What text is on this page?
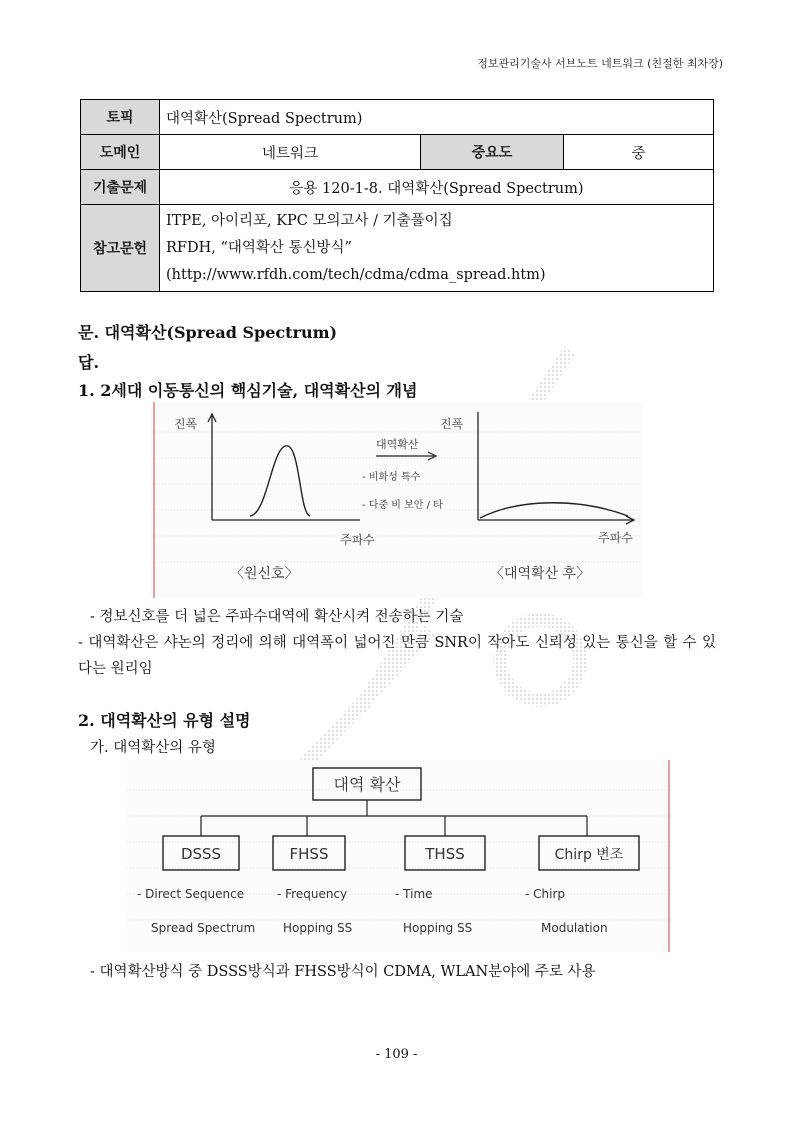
정보관리기술사 서브노트 네트워크 (친절한 최차장)
토픽	대역확산(Spread Spectrum)		
도메인	네트워크	중요도	중
기출문제	응용 120-1-8. 대역확산(Spread Spectrum)		
참고문헌	ITPE, 아이리포, KPC 모의고사 / 기출풀이집
RFDH, “대역확산 통신방식”
(http://www.rfdh.com/tech/cdma/cdma_spread.htm)		
문. 대역확산(Spread Spectrum)
답.
1. 2세대 이동통신의 핵심기술, 대역확산의 개념
진폭
주파수
진폭
주파수
대역확산
- 비화성 특수
- 다중 비 보안 / 타
〈원신호〉	〈대역확산 후〉
- 정보신호를 더 넓은 주파수대역에 확산시켜 전송하는 기술
- 대역확산은 샤논의 정리에 의해 대역폭이 넓어진 만큼 SNR이 작아도 신뢰성 있는 통신을 할 수 있다는 원리임
2. 대역확산의 유형 설명
가. 대역확산의 유형
대역 확산
DSSS	FHSS	THSS	Chirp 변조
- Direct Sequence
Spread Spectrum
- Frequency
Hopping SS
- Time
Hopping SS
- Chirp
Modulation
- 대역확산방식 중 DSSS방식과 FHSS방식이 CDMA, WLAN분야에 주로 사용
- 109 -
